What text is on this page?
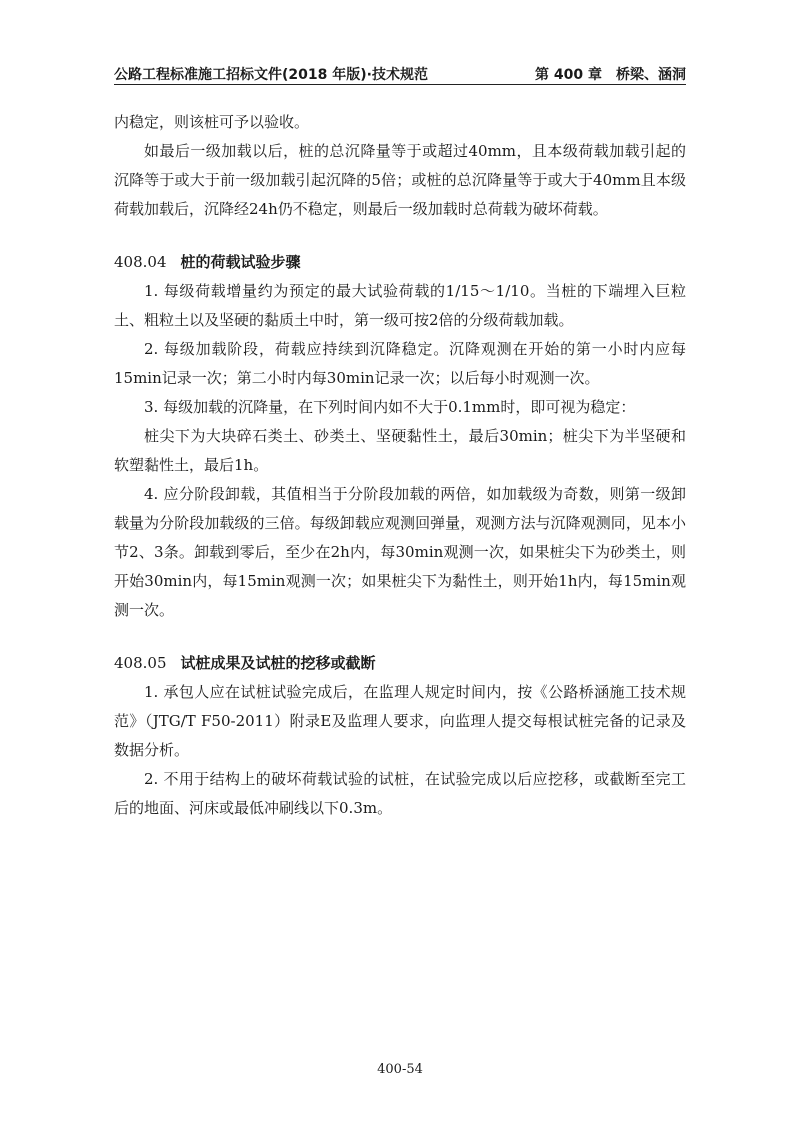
公路工程标准施工招标文件(2018 年版)·技术规范	第 400 章　桥梁、涵洞

内稳定，则该桩可予以验收。

如最后一级加载以后，桩的总沉降量等于或超过40mm，且本级荷载加载引起的沉降等于或大于前一级加载引起沉降的5倍；或桩的总沉降量等于或大于40mm且本级荷载加载后，沉降经24h仍不稳定，则最后一级加载时总荷载为破坏荷载。

408.04 桩的荷载试验步骤

1. 每级荷载增量约为预定的最大试验荷载的1/15～1/10。当桩的下端埋入巨粒土、粗粒土以及坚硬的黏质土中时，第一级可按2倍的分级荷载加载。

2. 每级加载阶段，荷载应持续到沉降稳定。沉降观测在开始的第一小时内应每15min记录一次；第二小时内每30min记录一次；以后每小时观测一次。

3. 每级加载的沉降量，在下列时间内如不大于0.1mm时，即可视为稳定：

桩尖下为大块碎石类土、砂类土、坚硬黏性土，最后30min；桩尖下为半坚硬和软塑黏性土，最后1h。

4. 应分阶段卸载，其值相当于分阶段加载的两倍，如加载级为奇数，则第一级卸载量为分阶段加载级的三倍。每级卸载应观测回弹量，观测方法与沉降观测同，见本小节2、3条。卸载到零后，至少在2h内，每30min观测一次，如果桩尖下为砂类土，则开始30min内，每15min观测一次；如果桩尖下为黏性土，则开始1h内，每15min观测一次。

408.05 试桩成果及试桩的挖移或截断

1. 承包人应在试桩试验完成后，在监理人规定时间内，按《公路桥涵施工技术规范》（JTG/T F50-2011）附录E及监理人要求，向监理人提交每根试桩完备的记录及数据分析。

2. 不用于结构上的破坏荷载试验的试桩，在试验完成以后应挖移，或截断至完工后的地面、河床或最低冲刷线以下0.3m。

400-54
